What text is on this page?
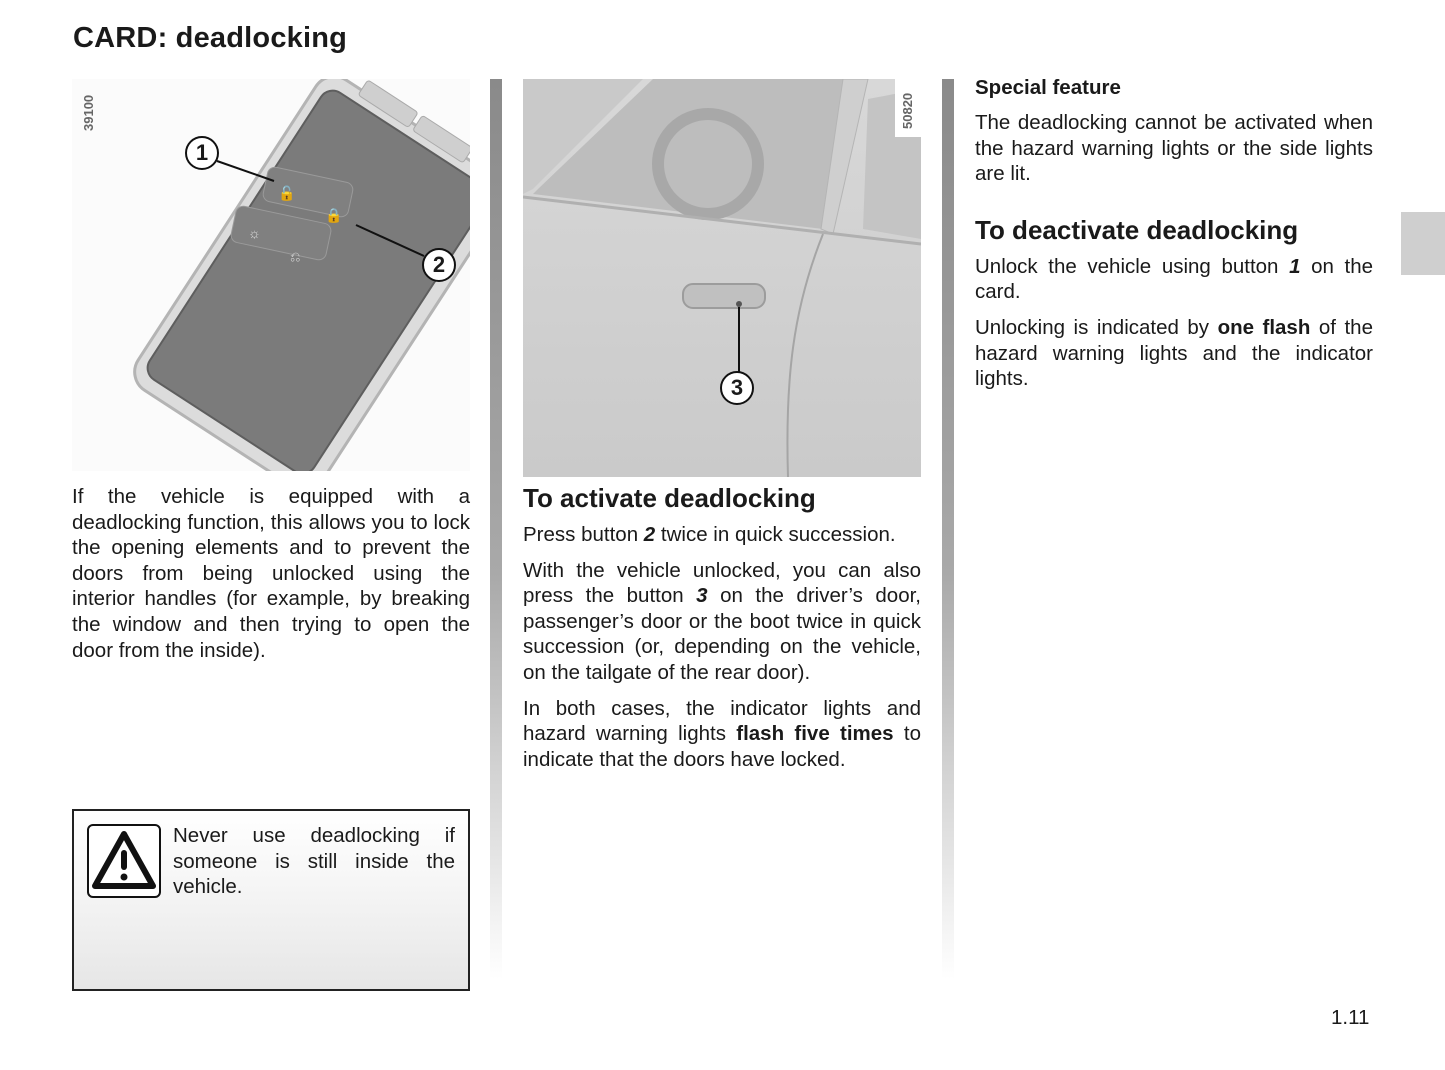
CARD: deadlocking
39100
🔓
🔒
☼
⎌
1
2
50820
3

If the vehicle is equipped with a deadlocking function, this allows you to lock the opening elements and to prevent the doors from being unlocked using the interior handles (for example, by breaking the window and then trying to open the door from the inside).

Never use deadlocking if someone is still inside the vehicle.

To activate deadlocking

Press button 2 twice in quick succession.

With the vehicle unlocked, you can also press the button 3 on the driver’s door, passenger’s door or the boot twice in quick succession (or, depending on the vehicle, on the tailgate of the rear door).

In both cases, the indicator lights and hazard warning lights flash five times to indicate that the doors have locked.

Special feature

The deadlocking cannot be activated when the hazard warning lights or the side lights are lit.

To deactivate deadlocking

Unlock the vehicle using button 1 on the card.

Unlocking is indicated by one flash of the hazard warning lights and the indicator lights.

1.11
